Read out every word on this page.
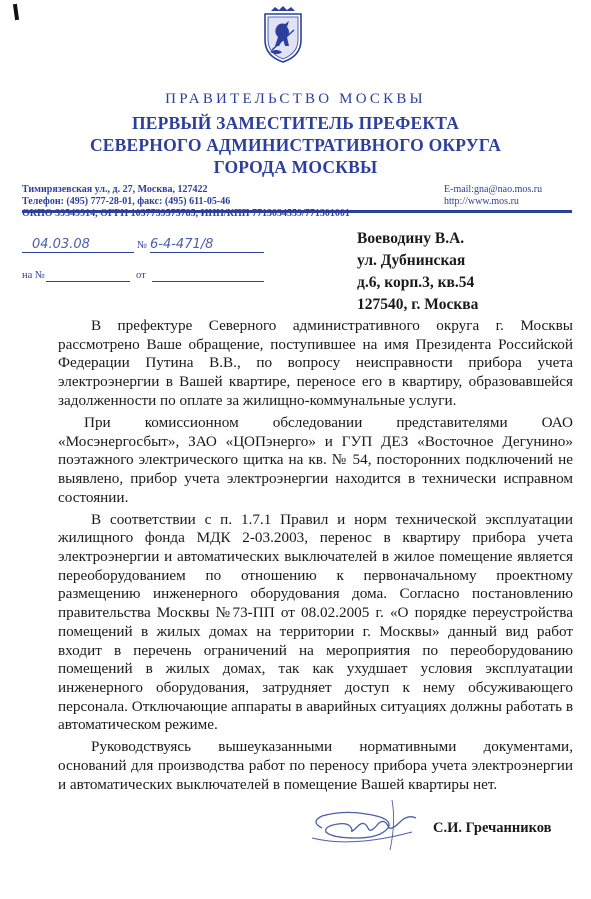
ПРАВИТЕЛЬСТВО МОСКВЫ
ПЕРВЫЙ ЗАМЕСТИТЕЛЬ ПРЕФЕКТА
СЕВЕРНОГО АДМИНИСТРАТИВНОГО ОКРУГА
ГОРОДА МОСКВЫ
Тимирязевская ул., д. 27, Москва, 127422
Телефон: (495) 777-28-01, факс: (495) 611-05-46
ОКПО 39549914, ОГРН 1037739575785, ИНН/КПП 7713034559/771301001
E-mail:gna@nao.mos.ru
http://www.mos.ru
04.03.08	№ 6-4-471/8
на №	от
Воеводину В.А.
ул. Дубнинская
д.6, корп.3, кв.54
127540, г. Москва

В префектуре Северного административного округа г. Москвы рассмотрено Ваше обращение, поступившее на имя Президента Российской Федерации Путина В.В., по вопросу неисправности прибора учета электроэнергии в Вашей квартире, переносе его в квартиру, образовавшейся задолженности по оплате за жилищно-коммунальные услуги.

При комиссионном обследовании представителями ОАО «Мосэнергосбыт», ЗАО «ЦОПэнерго» и ГУП ДЕЗ «Восточное Дегунино» поэтажного электрического щитка на кв. № 54, посторонних подключений не выявлено, прибор учета электроэнергии находится в технически исправном состоянии.

В соответствии с п. 1.7.1 Правил и норм технической эксплуатации жилищного фонда МДК 2-03.2003, перенос в квартиру прибора учета электроэнергии и автоматических выключателей в жилое помещение является переоборудованием по отношению к первоначальному проектному размещению инженерного оборудования дома. Согласно постановлению правительства Москвы №73-ПП от 08.02.2005 г. «О порядке переустройства помещений в жилых домах на территории г. Москвы» данный вид работ входит в перечень ограничений на мероприятия по переоборудованию помещений в жилых домах, так как ухудшает условия эксплуатации инженерного оборудования, затрудняет доступ к нему обсуживающего персонала. Отключающие аппараты в аварийных ситуациях должны работать в автоматическом режиме.

Руководствуясь вышеуказанными нормативными документами, оснований для производства работ по переносу прибора учета электроэнергии и автоматических выключателей в помещение Вашей квартиры нет.

С.И. Гречанников
